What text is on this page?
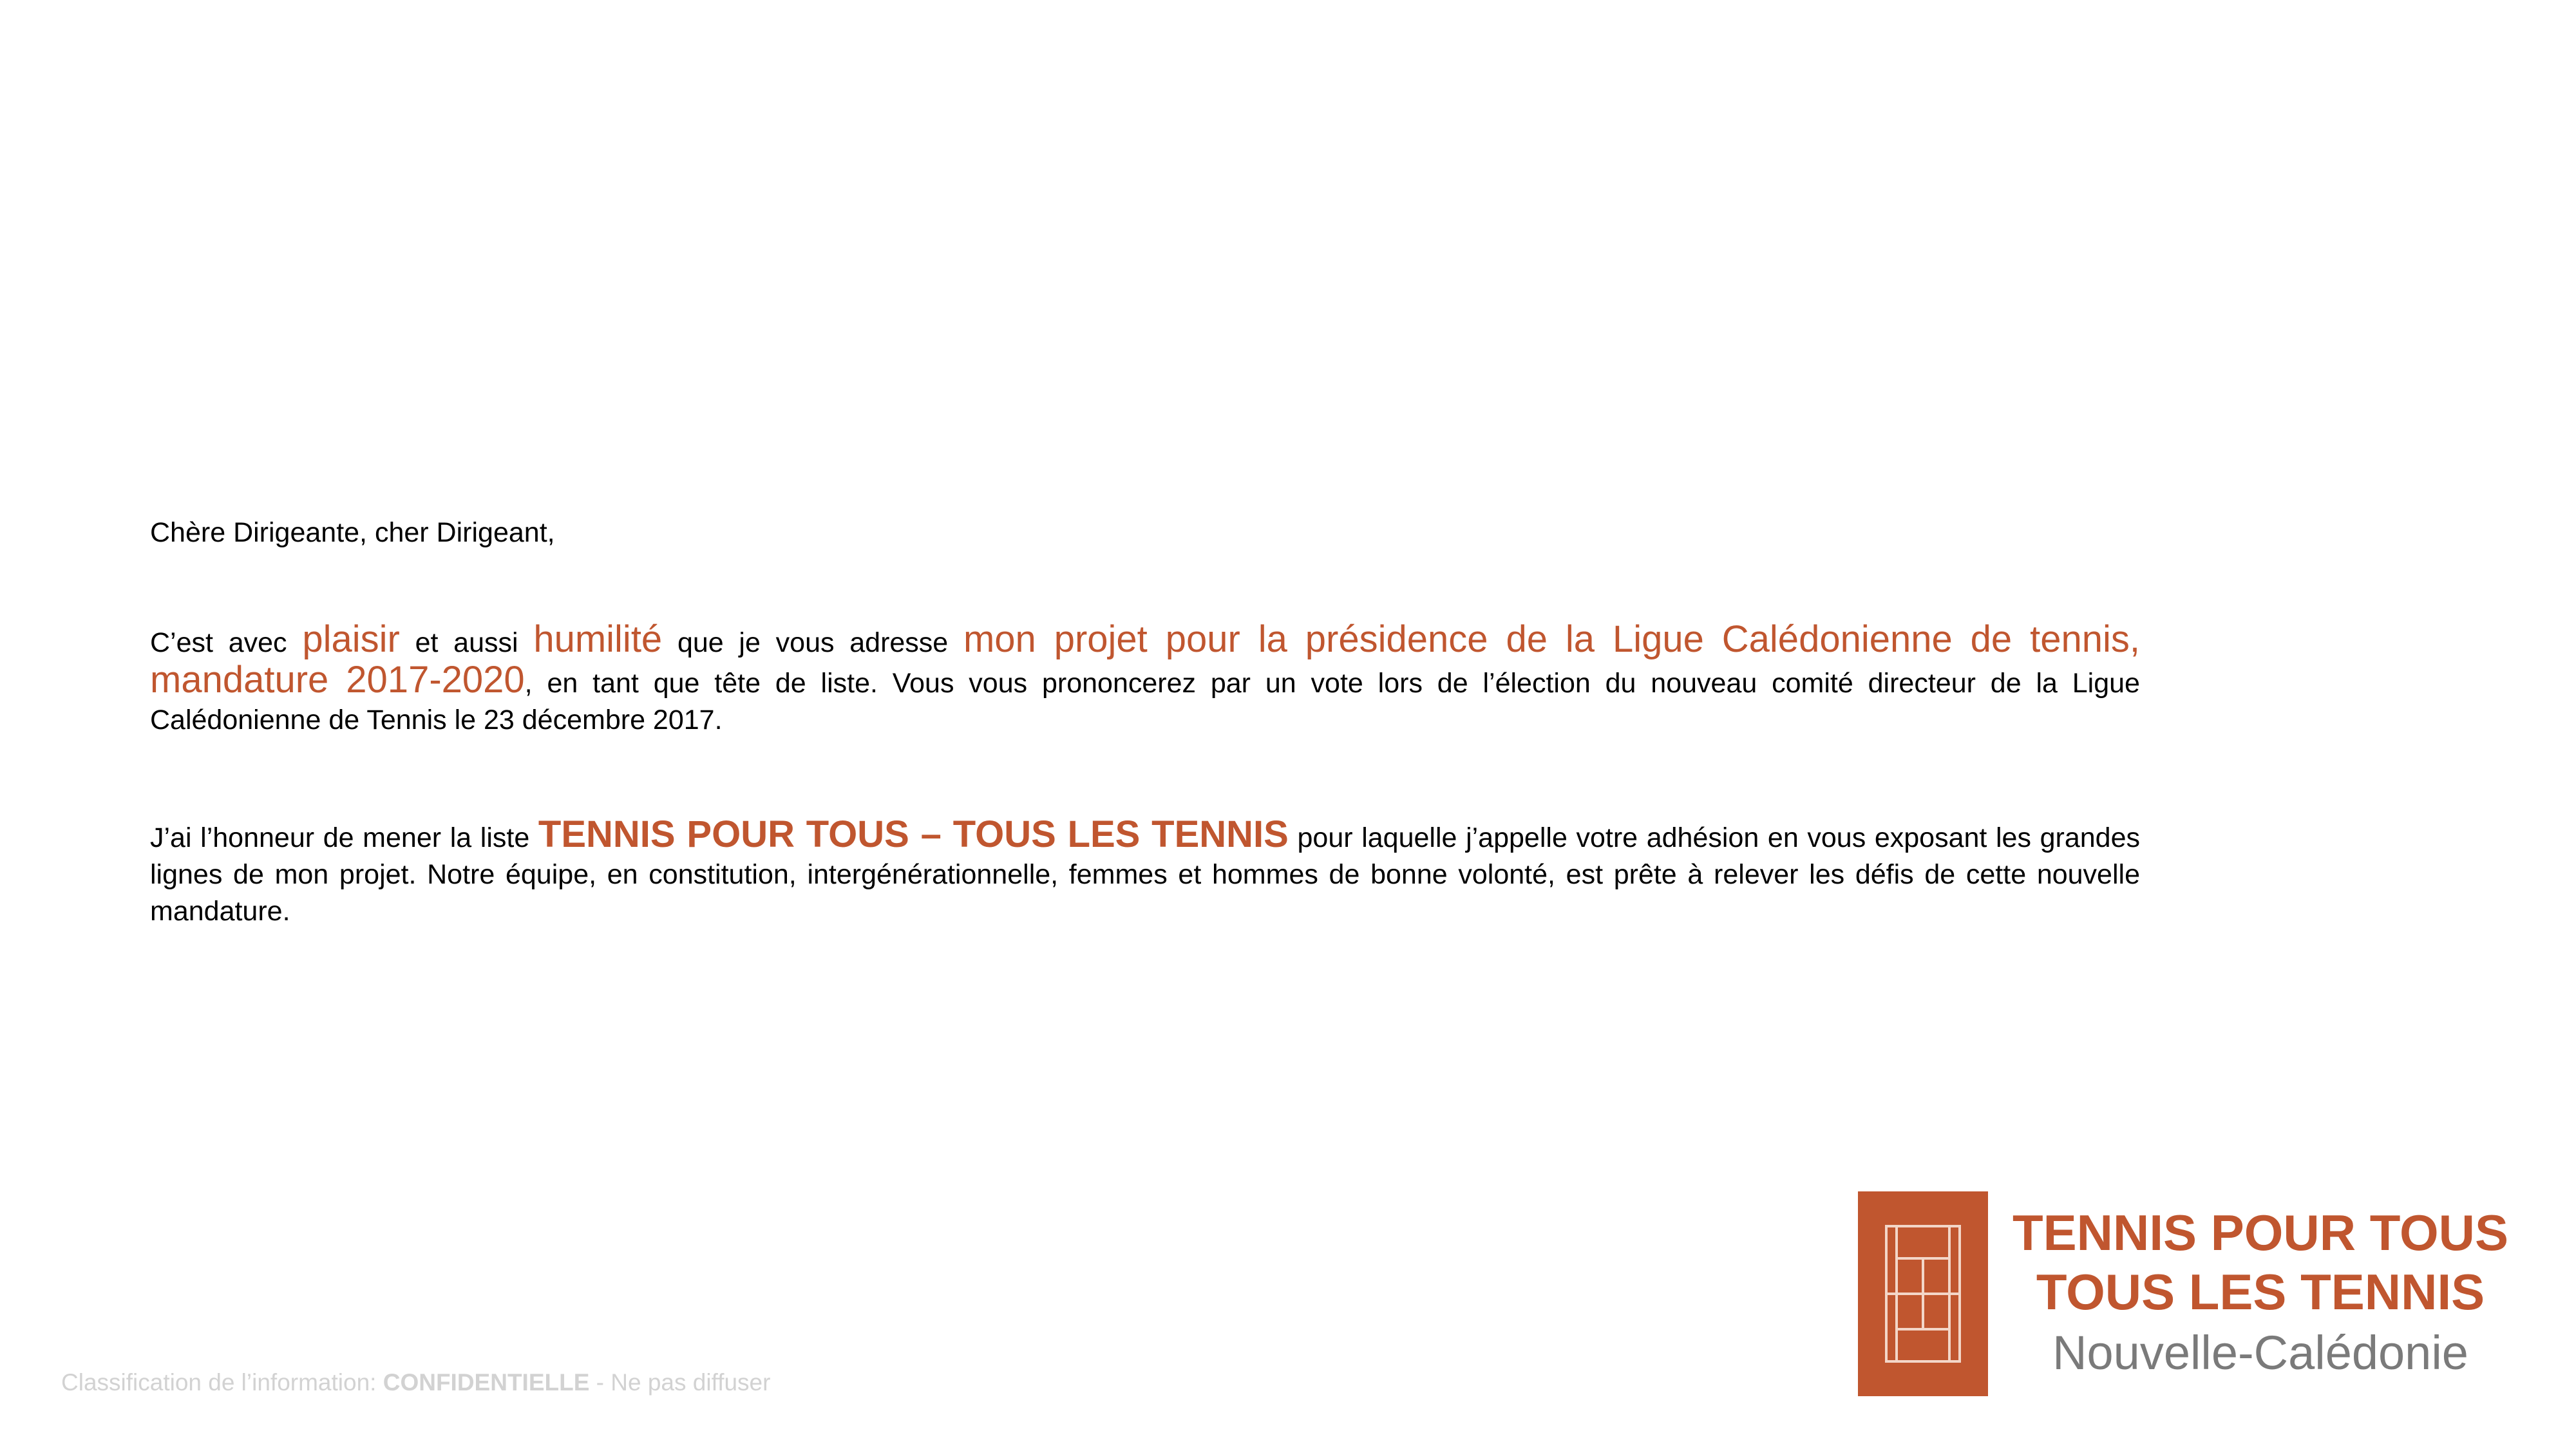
Chère Dirigeante, cher Dirigeant,

C’est avec plaisir et aussi humilité que je vous adresse mon projet pour la présidence de la Ligue Calédonienne de tennis, mandature 2017-2020, en tant que tête de liste. Vous vous prononcerez par un vote lors de l’élection du nouveau comité directeur de la Ligue Calédonienne de Tennis le 23 décembre 2017.

J’ai l’honneur de mener la liste TENNIS POUR TOUS – TOUS LES TENNIS pour laquelle j’appelle votre adhésion en vous exposant les grandes lignes de mon projet. Notre équipe, en constitution, intergénérationnelle, femmes et hommes de bonne volonté, est prête à relever les défis de cette nouvelle mandature.

Classification de l’information: CONFIDENTIELLE - Ne pas diffuser
TENNIS POUR TOUS
TOUS LES TENNIS
Nouvelle-Calédonie
